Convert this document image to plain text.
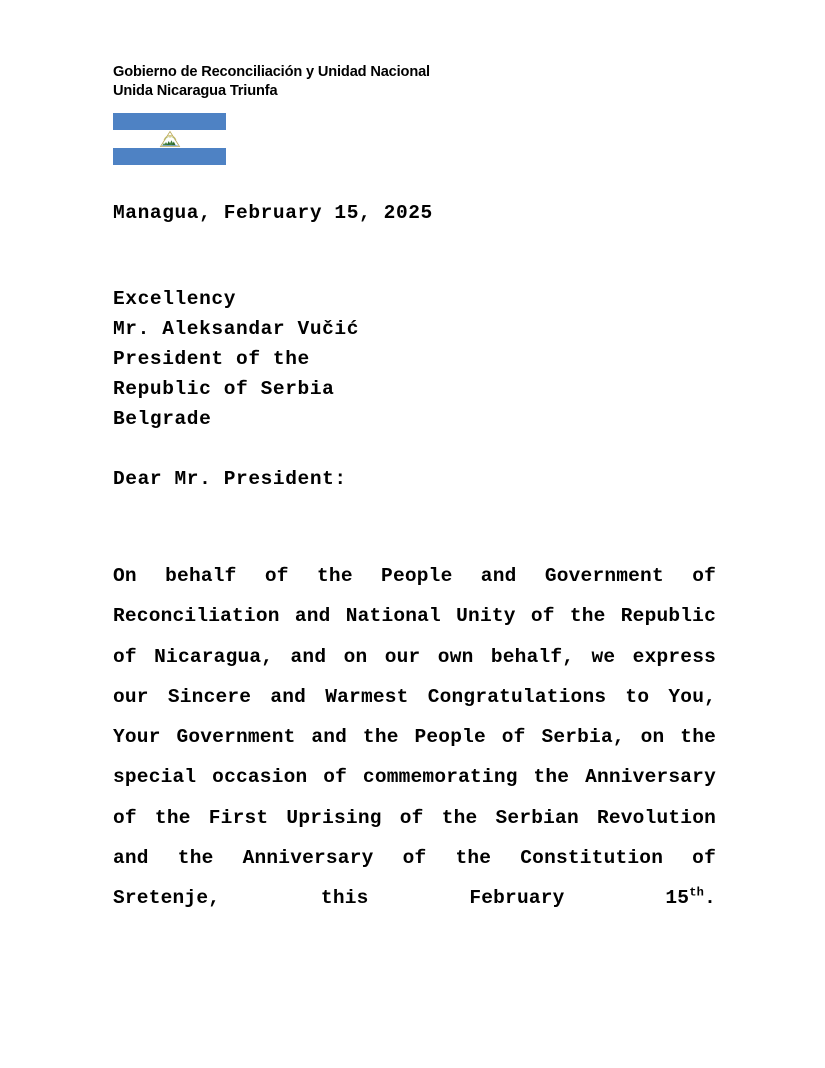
Gobierno de Reconciliación y Unidad Nacional
Unida Nicaragua Triunfa
Managua, February 15, 2025
Excellency
Mr. Aleksandar Vučić
President of the
Republic of Serbia
Belgrade
Dear Mr. President:
On behalf of the People and Government of Reconciliation and National Unity of the Republic of Nicaragua, and on our own behalf, we express our Sincere and Warmest Congratulations to You, Your Government and the People of Serbia, on the special occasion of commemorating the Anniversary of the First Uprising of the Serbian Revolution and the Anniversary of the Constitution of Sretenje, this February 15th.
